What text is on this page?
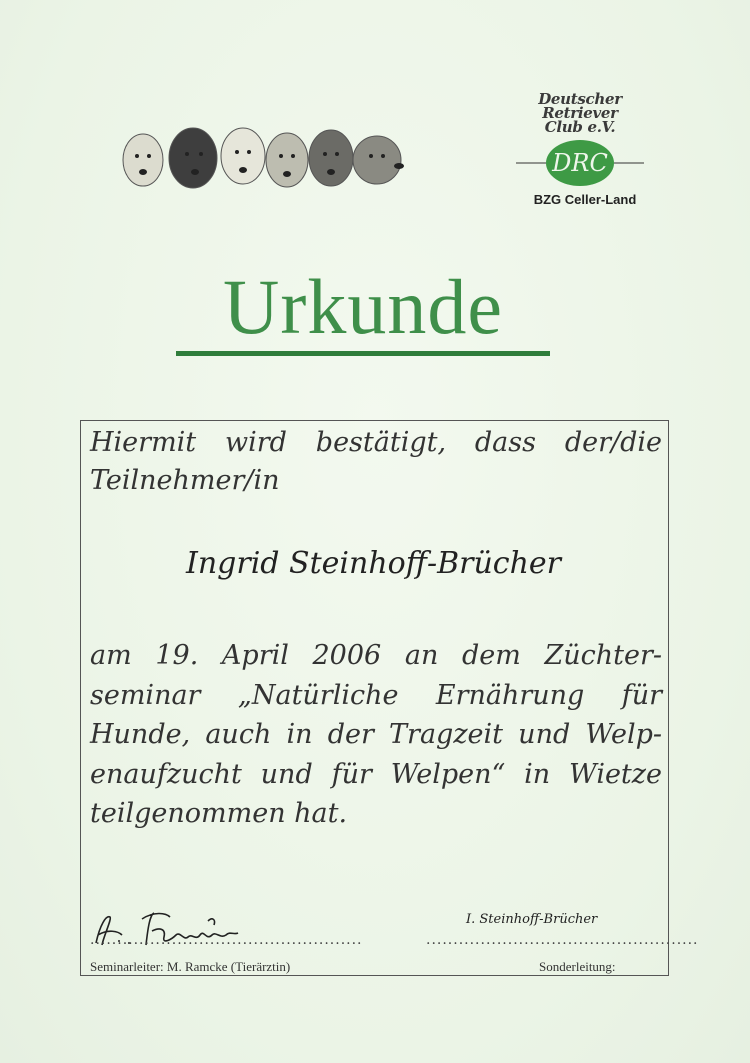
Deutscher
Retriever
Club e.V.
DRC
BZG Celler-Land
Urkunde
Hiermit wird bestätigt, dass der/die
Teilnehmer/in
Ingrid Steinhoff-Brücher
am 19. April 2006 an dem Züchter-
seminar „Natürliche Ernährung für
Hunde, auch in der Tragzeit und Welp-
enaufzucht und für Welpen“ in Wietze
teilgenommen hat.
..................................................
Seminarleiter: M. Ramcke (Tierärztin)
I. Steinhoff-Brücher
..................................................
Sonderleitung:
